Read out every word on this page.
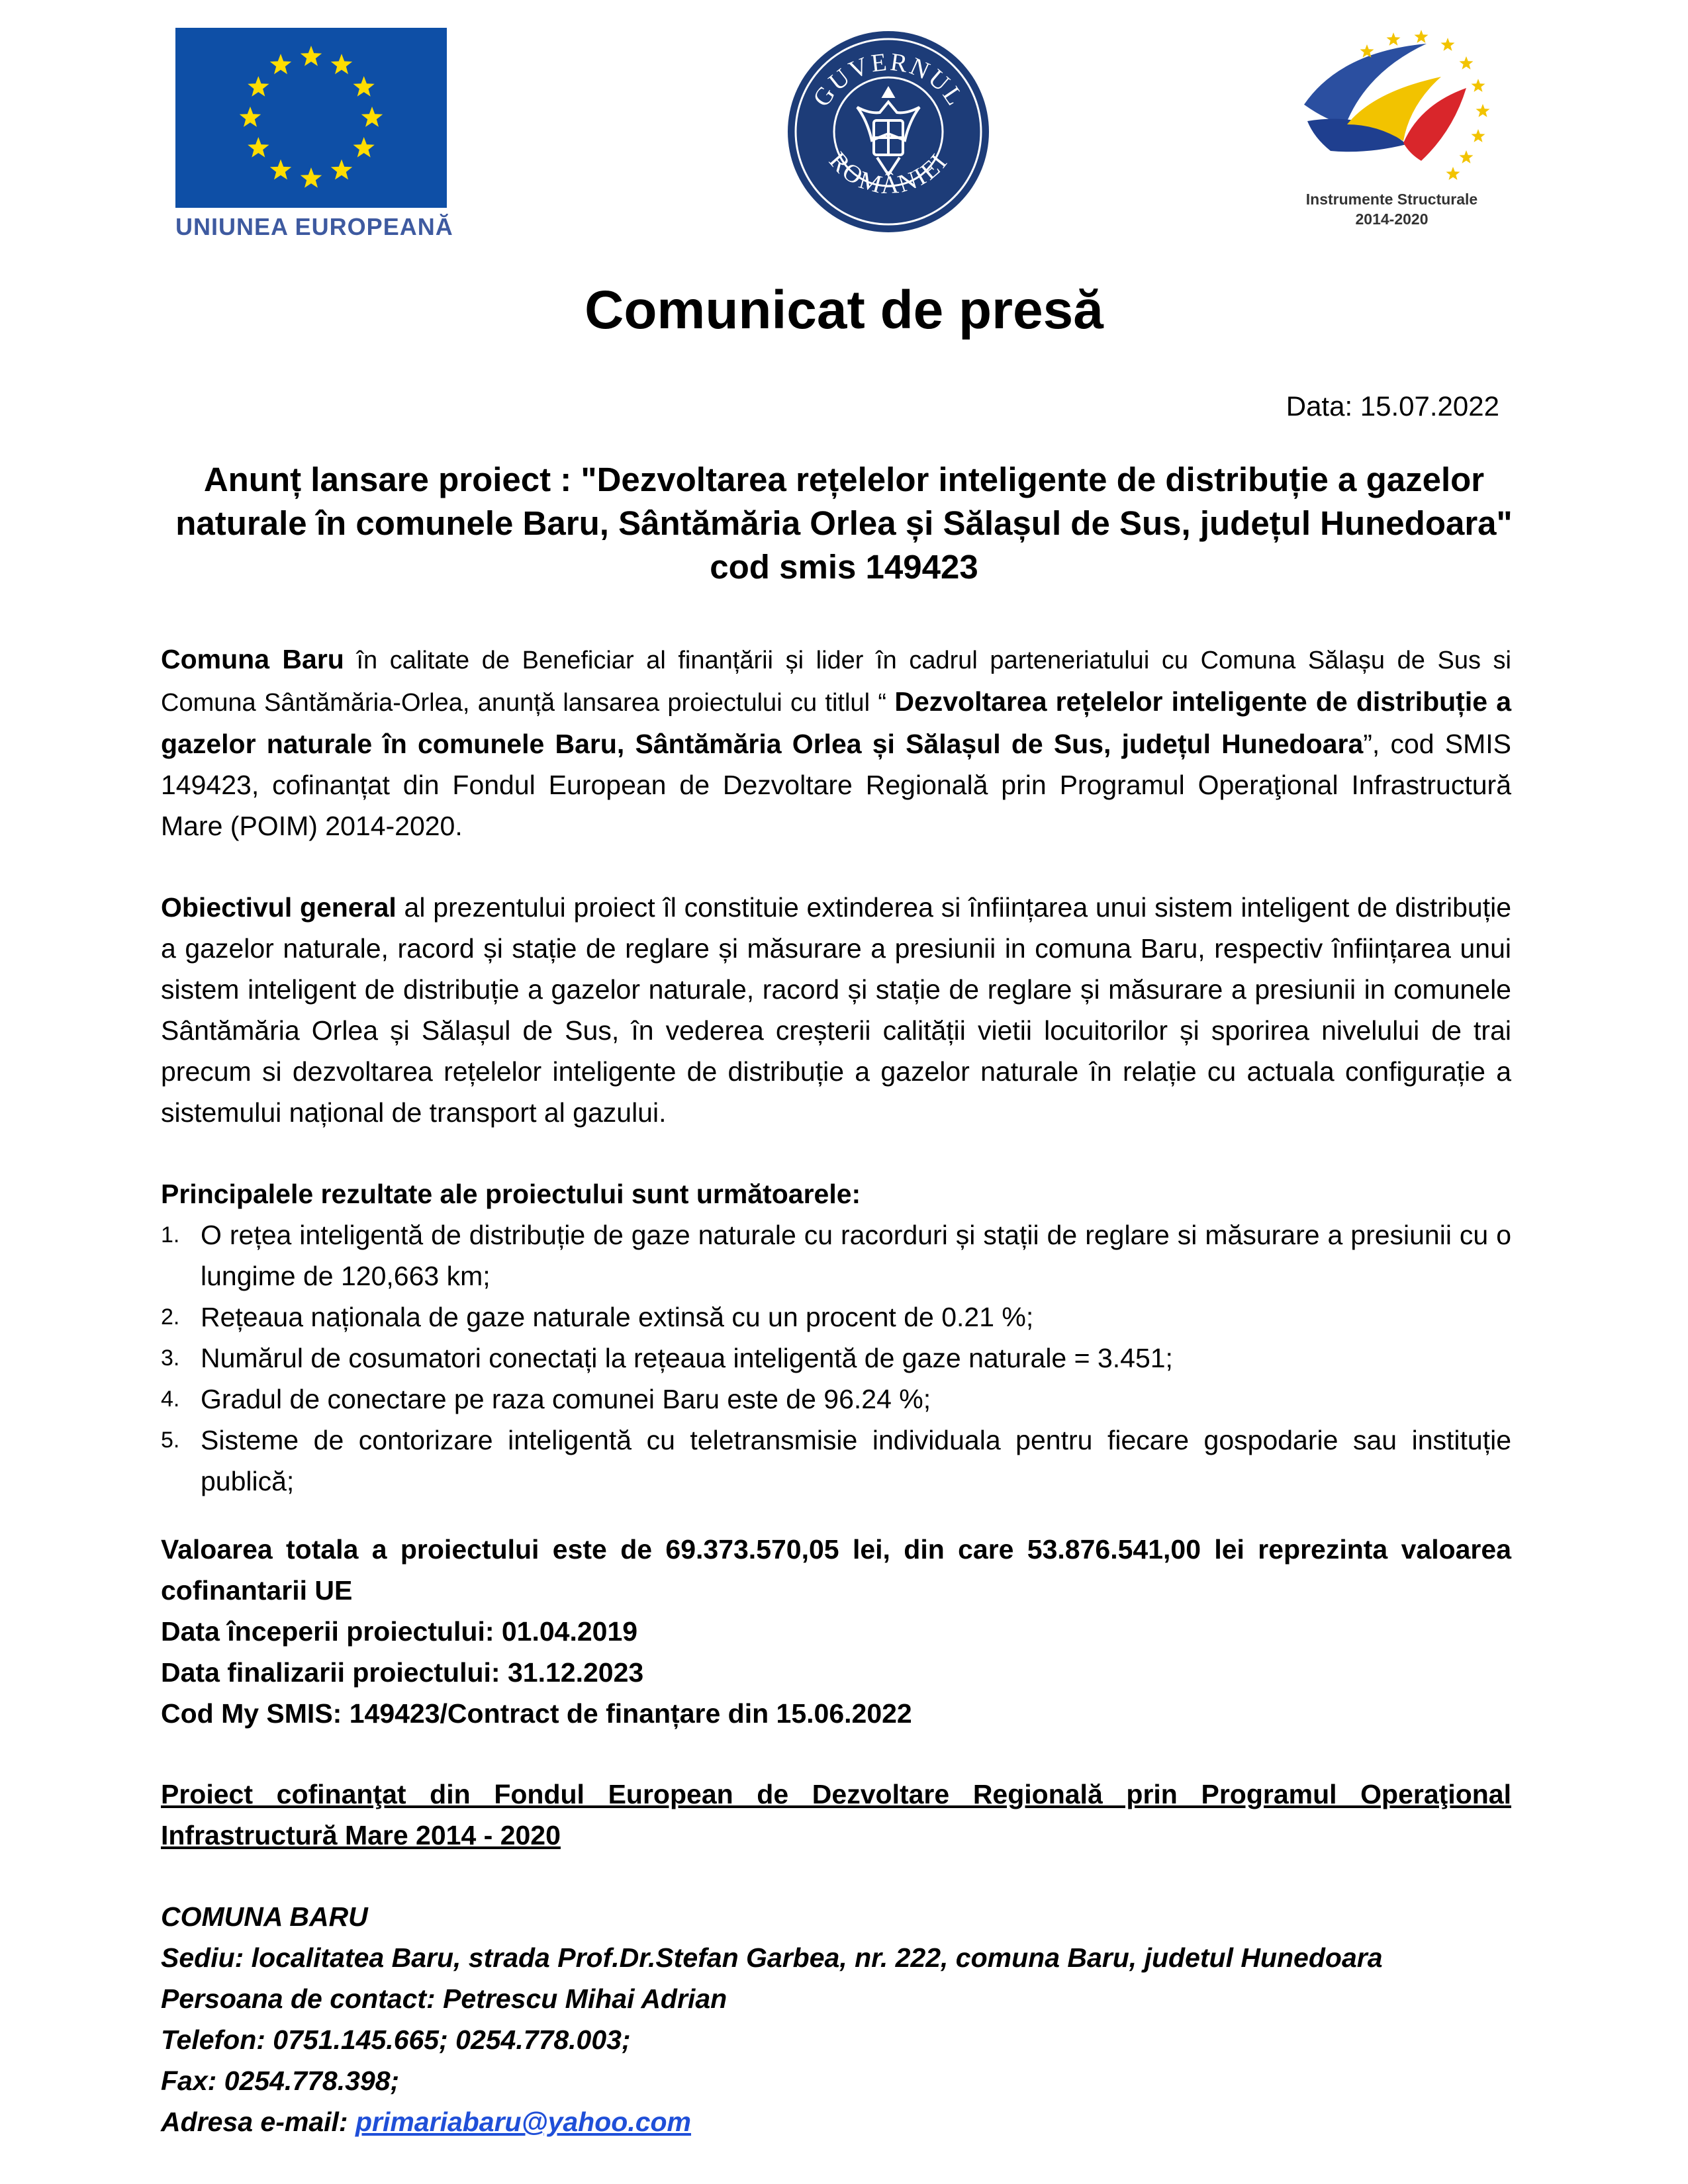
UNIUNEA EUROPEANĂ
GUVERNUL
ROMÂNIEI
Instrumente Structurale
2014-2020
Comunicat de presă
Data: 15.07.2022
Anunț lansare proiect : "Dezvoltarea rețelelor inteligente de distribuție a gazelor naturale în comunele Baru, Sântămăria Orlea și Sălașul de Sus, județul Hunedoara" cod smis 149423
Comuna Baru în calitate de Beneficiar al finanțării și lider în cadrul parteneriatului cu Comuna Sălașu de Sus si Comuna Sântămăria-Orlea, anunță lansarea proiectului cu titlul “ Dezvoltarea rețelelor inteligente de distribuție a gazelor naturale în comunele Baru, Sântămăria Orlea și Sălașul de Sus, județul Hunedoara”, cod SMIS 149423, cofinanțat din Fondul European de Dezvoltare Regională prin Programul Operaţional Infrastructură Mare (POIM) 2014-2020.
Obiectivul general al prezentului proiect îl constituie extinderea si înființarea unui sistem inteligent de distribuție a gazelor naturale, racord și stație de reglare și măsurare a presiunii in comuna Baru, respectiv înființarea unui sistem inteligent de distribuție a gazelor naturale, racord și stație de reglare și măsurare a presiunii in comunele Sântămăria Orlea și Sălașul de Sus, în vederea creșterii calității vietii locuitorilor și sporirea nivelului de trai precum si dezvoltarea rețelelor inteligente de distribuție a gazelor naturale în relație cu actuala configurație a sistemului național de transport al gazului.
Principalele rezultate ale proiectului sunt următoarele:
1. O rețea inteligentă de distribuție de gaze naturale cu racorduri și stații de reglare si măsurare a presiunii cu o lungime de 120,663 km;
2. Rețeaua naționala de gaze naturale extinsă cu un procent de 0.21 %;
3. Numărul de cosumatori conectați la rețeaua inteligentă de gaze naturale = 3.451;
4. Gradul de conectare pe raza comunei Baru este de 96.24 %;
5. Sisteme de contorizare inteligentă cu teletransmisie individuala pentru fiecare gospodarie sau instituție publică;
Valoarea totala a proiectului este de 69.373.570,05 lei, din care 53.876.541,00 lei reprezinta valoarea cofinantarii UE
Data începerii proiectului: 01.04.2019
Data finalizarii proiectului: 31.12.2023
Cod My SMIS: 149423/Contract de finanțare din 15.06.2022
Proiect cofinanţat din Fondul European de Dezvoltare Regională prin Programul Operaţional Infrastructură Mare 2014 - 2020
COMUNA BARU
Sediu: localitatea Baru, strada Prof.Dr.Stefan Garbea, nr. 222, comuna Baru, judetul Hunedoara
Persoana de contact: Petrescu Mihai Adrian
Telefon: 0751.145.665; 0254.778.003;
Fax: 0254.778.398;
Adresa e-mail: primariabaru@yahoo.com
